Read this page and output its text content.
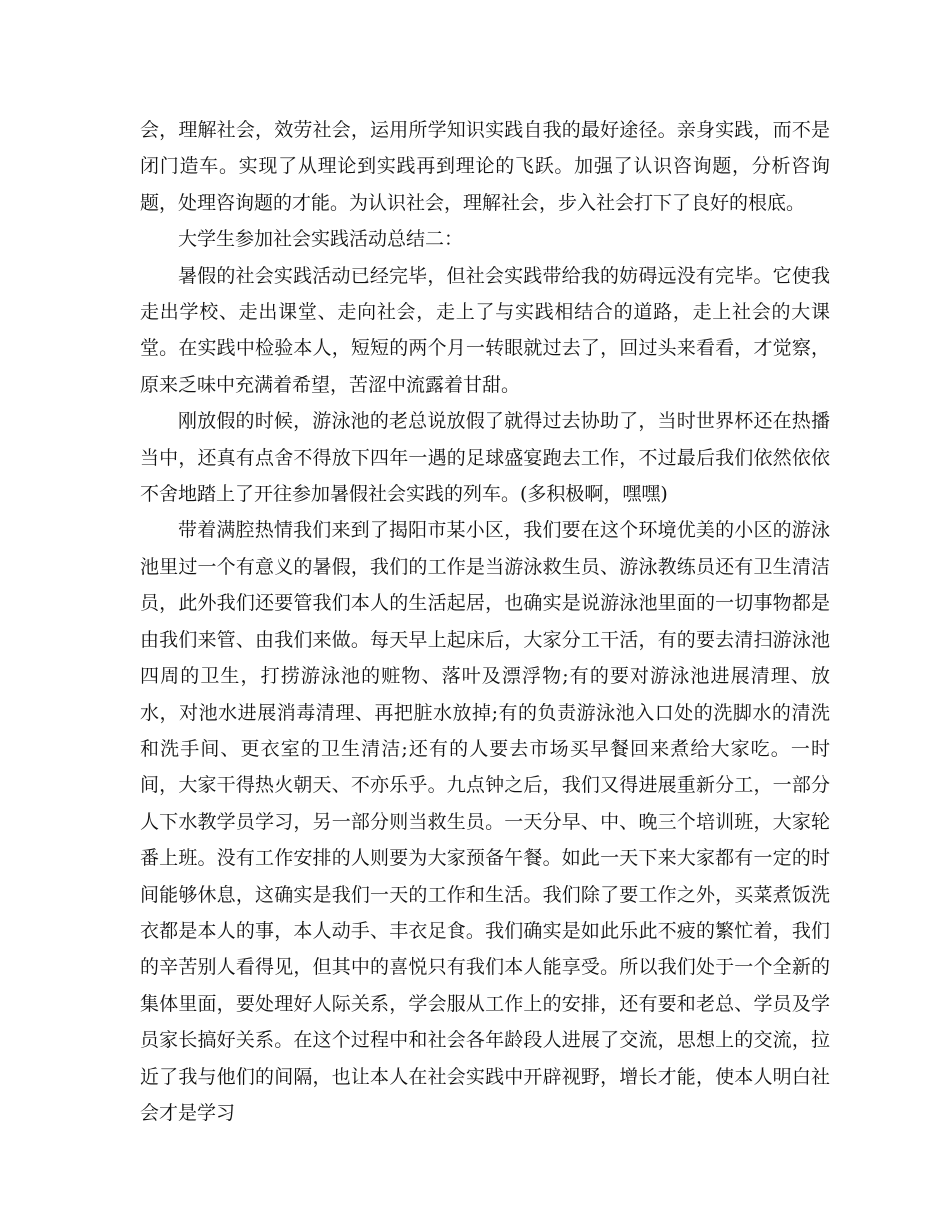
会，理解社会，效劳社会，运用所学知识实践自我的最好途径。亲身实践，而不是闭门造车。实现了从理论到实践再到理论的飞跃。加强了认识咨询题，分析咨询题，处理咨询题的才能。为认识社会，理解社会，步入社会打下了良好的根底。

大学生参加社会实践活动总结二：

暑假的社会实践活动已经完毕，但社会实践带给我的妨碍远没有完毕。它使我走出学校、走出课堂、走向社会，走上了与实践相结合的道路，走上社会的大课堂。在实践中检验本人，短短的两个月一转眼就过去了，回过头来看看，才觉察，原来乏味中充满着希望，苦涩中流露着甘甜。

刚放假的时候，游泳池的老总说放假了就得过去协助了，当时世界杯还在热播当中，还真有点舍不得放下四年一遇的足球盛宴跑去工作，不过最后我们依然依依不舍地踏上了开往参加暑假社会实践的列车。(多积极啊，嘿嘿)

带着满腔热情我们来到了揭阳市某小区，我们要在这个环境优美的小区的游泳池里过一个有意义的暑假，我们的工作是当游泳救生员、游泳教练员还有卫生清洁员，此外我们还要管我们本人的生活起居，也确实是说游泳池里面的一切事物都是由我们来管、由我们来做。每天早上起床后，大家分工干活，有的要去清扫游泳池四周的卫生，打捞游泳池的赃物、落叶及漂浮物;有的要对游泳池进展清理、放水，对池水进展消毒清理、再把脏水放掉;有的负责游泳池入口处的洗脚水的清洗和洗手间、更衣室的卫生清洁;还有的人要去市场买早餐回来煮给大家吃。一时间，大家干得热火朝天、不亦乐乎。九点钟之后，我们又得进展重新分工，一部分人下水教学员学习，另一部分则当救生员。一天分早、中、晚三个培训班，大家轮番上班。没有工作安排的人则要为大家预备午餐。如此一天下来大家都有一定的时间能够休息，这确实是我们一天的工作和生活。我们除了要工作之外，买菜煮饭洗衣都是本人的事，本人动手、丰衣足食。我们确实是如此乐此不疲的繁忙着，我们的辛苦别人看得见，但其中的喜悦只有我们本人能享受。所以我们处于一个全新的集体里面，要处理好人际关系，学会服从工作上的安排，还有要和老总、学员及学员家长搞好关系。在这个过程中和社会各年龄段人进展了交流，思想上的交流，拉近了我与他们的间隔，也让本人在社会实践中开辟视野，增长才能，使本人明白社会才是学习
